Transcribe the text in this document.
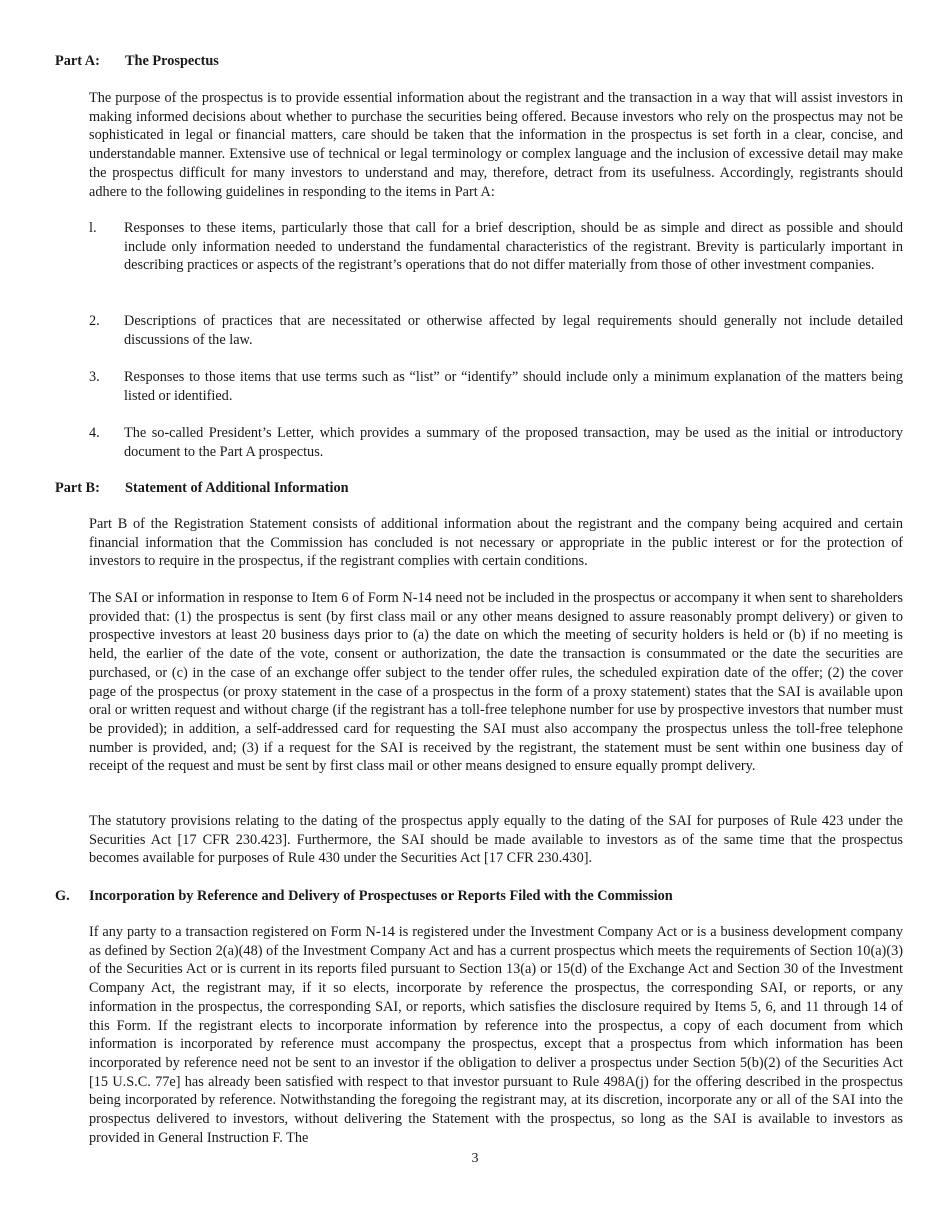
Part A: The Prospectus

The purpose of the prospectus is to provide essential information about the registrant and the transaction in a way that will assist investors in making informed decisions about whether to purchase the securities being offered. Because investors who rely on the prospectus may not be sophisticated in legal or financial matters, care should be taken that the information in the prospectus is set forth in a clear, concise, and understandable manner. Extensive use of technical or legal terminology or complex language and the inclusion of excessive detail may make the prospectus difficult for many investors to understand and may, therefore, detract from its usefulness. Accordingly, registrants should adhere to the following guidelines in responding to the items in Part A:

l. Responses to these items, particularly those that call for a brief description, should be as simple and direct as possible and should include only information needed to understand the fundamental characteristics of the registrant. Brevity is particularly important in describing practices or aspects of the registrant’s operations that do not differ materially from those of other investment companies.
2. Descriptions of practices that are necessitated or otherwise affected by legal requirements should generally not include detailed discussions of the law.
3. Responses to those items that use terms such as “list” or “identify” should include only a minimum explanation of the matters being listed or identified.
4. The so-called President’s Letter, which provides a summary of the proposed transaction, may be used as the initial or introductory document to the Part A prospectus.
Part B: Statement of Additional Information

Part B of the Registration Statement consists of additional information about the registrant and the company being acquired and certain financial information that the Commission has concluded is not necessary or appropriate in the public interest or for the protection of investors to require in the prospectus, if the registrant complies with certain conditions.

The SAI or information in response to Item 6 of Form N-14 need not be included in the prospectus or accompany it when sent to shareholders provided that: (1) the prospectus is sent (by first class mail or any other means designed to assure reasonably prompt delivery) or given to prospective investors at least 20 business days prior to (a) the date on which the meeting of security holders is held or (b) if no meeting is held, the earlier of the date of the vote, consent or authorization, the date the transaction is consummated or the date the securities are purchased, or (c) in the case of an exchange offer subject to the tender offer rules, the scheduled expiration date of the offer; (2) the cover page of the prospectus (or proxy statement in the case of a prospectus in the form of a proxy statement) states that the SAI is available upon oral or written request and without charge (if the registrant has a toll-free telephone number for use by prospective investors that number must be provided); in addition, a self-addressed card for requesting the SAI must also accompany the prospectus unless the toll-free telephone number is provided, and; (3) if a request for the SAI is received by the registrant, the statement must be sent within one business day of receipt of the request and must be sent by first class mail or other means designed to ensure equally prompt delivery.

The statutory provisions relating to the dating of the prospectus apply equally to the dating of the SAI for purposes of Rule 423 under the Securities Act [17 CFR 230.423]. Furthermore, the SAI should be made available to investors as of the same time that the prospectus becomes available for purposes of Rule 430 under the Securities Act [17 CFR 230.430].

G. Incorporation by Reference and Delivery of Prospectuses or Reports Filed with the Commission

If any party to a transaction registered on Form N-14 is registered under the Investment Company Act or is a business development company as defined by Section 2(a)(48) of the Investment Company Act and has a current prospectus which meets the requirements of Section 10(a)(3) of the Securities Act or is current in its reports filed pursuant to Section 13(a) or 15(d) of the Exchange Act and Section 30 of the Investment Company Act, the registrant may, if it so elects, incorporate by reference the prospectus, the corresponding SAI, or reports, or any information in the prospectus, the corresponding SAI, or reports, which satisfies the disclosure required by Items 5, 6, and 11 through 14 of this Form. If the registrant elects to incorporate information by reference into the prospectus, a copy of each document from which information is incorporated by reference must accompany the prospectus, except that a prospectus from which information has been incorporated by reference need not be sent to an investor if the obligation to deliver a prospectus under Section 5(b)(2) of the Securities Act [15 U.S.C. 77e] has already been satisfied with respect to that investor pursuant to Rule 498A(j) for the offering described in the prospectus being incorporated by reference. Notwithstanding the foregoing the registrant may, at its discretion, incorporate any or all of the SAI into the prospectus delivered to investors, without delivering the Statement with the prospectus, so long as the SAI is available to investors as provided in General Instruction F. The

3
